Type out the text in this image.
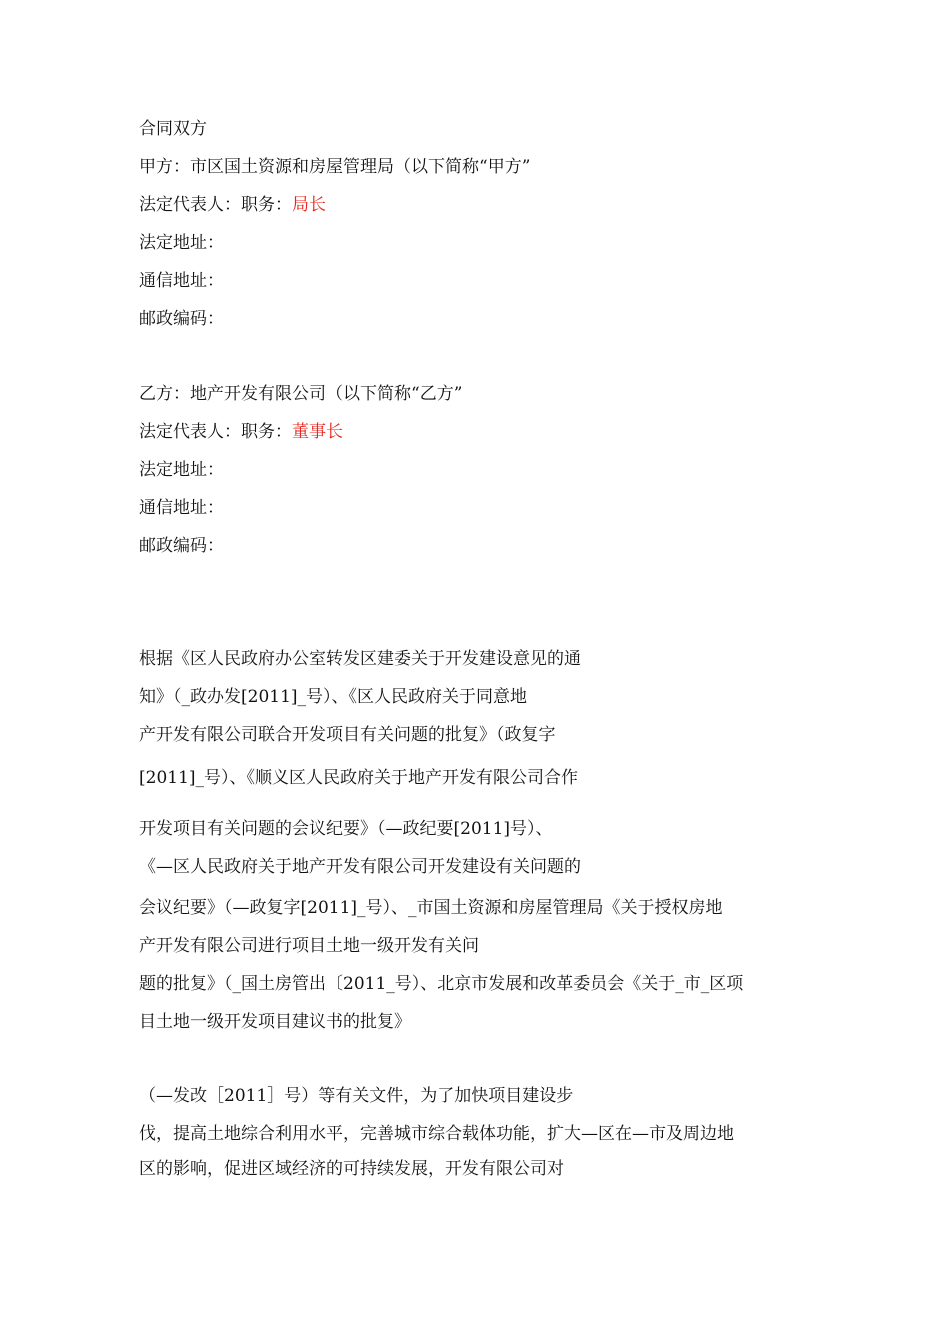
合同双方
甲方：市区国土资源和房屋管理局（以下简称“甲方”
法定代表人：职务：局长
法定地址：
通信地址：
邮政编码：
乙方：地产开发有限公司（以下简称“乙方”
法定代表人：职务：董事长
法定地址：
通信地址：
邮政编码：
根据《区人民政府办公室转发区建委关于开发建设意见的通
知》（_政办发[2011]_号）、《区人民政府关于同意地
产开发有限公司联合开发项目有关问题的批复》（政复字
[2011]_号）、《顺义区人民政府关于地产开发有限公司合作
开发项目有关问题的会议纪要》（—政纪要[2011]号）、
《—区人民政府关于地产开发有限公司开发建设有关问题的
会议纪要》（—政复字[2011]_号）、_市国土资源和房屋管理局《关于授权房地
产开发有限公司进行项目土地一级开发有关问
题的批复》（_国土房管出〔2011_号）、北京市发展和改革委员会《关于_市_区项
目土地一级开发项目建议书的批复》
（—发改［2011］号）等有关文件，为了加快项目建设步
伐，提高土地综合利用水平，完善城市综合载体功能，扩大—区在—市及周边地
区的影响，促进区域经济的可持续发展，开发有限公司对
